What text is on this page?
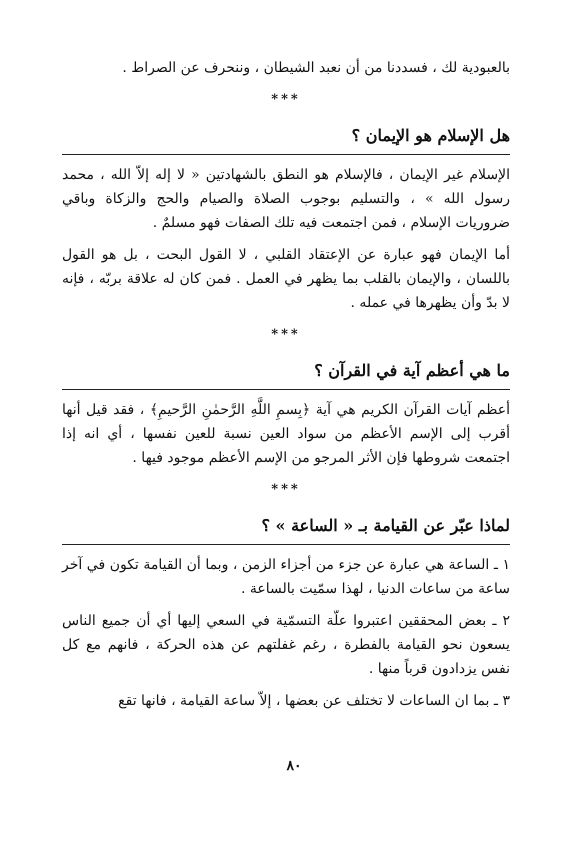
بالعبودية لك ، فسددنا من أن نعبد الشيطان ، وننحرف عن الصراط .

***
هل الإسلام هو الإيمان ؟

الإسلام غير الإيمان ، فالإسلام هو النطق بالشهادتين « لا إله إلاّ الله ، محمد رسول الله » ، والتسليم بوجوب الصلاة والصيام والحج والزكاة وباقي ضروريات الإسلام ، فمن اجتمعت فيه تلك الصفات فهو مسلمٌ .

أما الإيمان فهو عبارة عن الإعتقاد القلبي ، لا القول البحت ، بل هو القول باللسان ، والإيمان بالقلب بما يظهر في العمل . فمن كان له علاقة بربّه ، فإنه لا بدّ وأن يظهرها في عمله .

***
ما هي أعظم آية في القرآن ؟

أعظم آيات القرآن الكريم هي آية ﴿بِسمِ اللَّهِ الرَّحمٰنِ الرَّحيمِ﴾ ، فقد قيل أنها أقرب إلى الإسم الأعظم من سواد العين نسبة للعين نفسها ، أي انه إذا اجتمعت شروطها فإن الأثر المرجو من الإسم الأعظم موجود فيها .

***
لماذا عبّر عن القيامة بـ « الساعة » ؟

١ ـ الساعة هي عبارة عن جزء من أجزاء الزمن ، وبما أن القيامة تكون في آخر ساعة من ساعات الدنيا ، لهذا سمّيت بالساعة .

٢ ـ بعض المحققين اعتبروا علّة التسمّية في السعي إليها أي أن جميع الناس يسعون نحو القيامة بالفطرة ، رغم غفلتهم عن هذه الحركة ، فانهم مع كل نفس يزدادون قرباً منها .

٣ ـ بما ان الساعات لا تختلف عن بعضها ، إلاّ ساعة القيامة ، فانها تقع

٨٠
